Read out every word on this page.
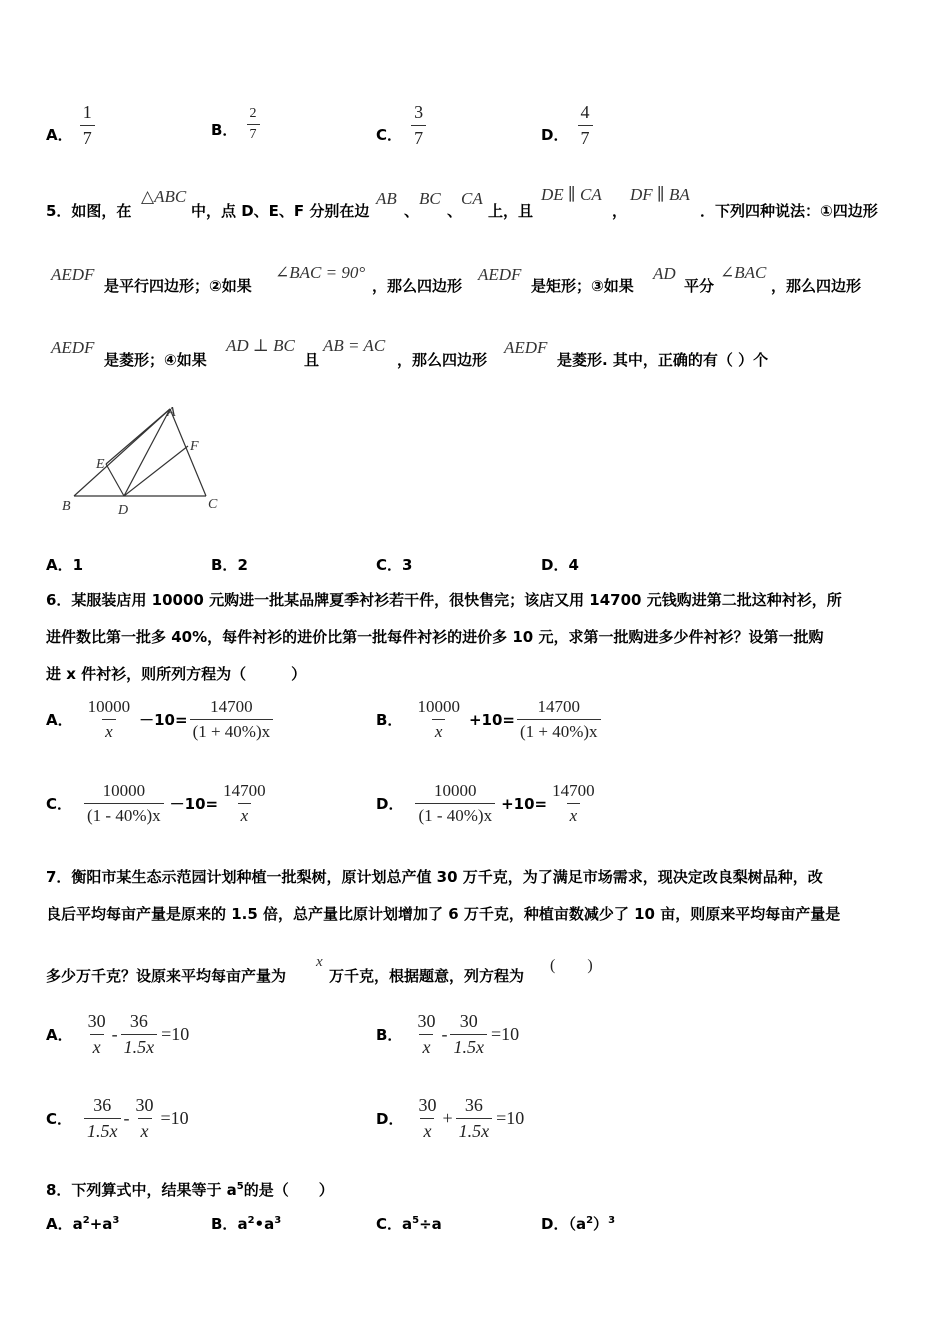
A． $\frac{1}{7}$	B． $\frac{2}{7}$	C． $\frac{3}{7}$	D． $\frac{4}{7}$
5．如图，在
△ABC
中，点 D、E、F 分别在边
AB
、
BC
、
CA
上，且
DE ∥ CA
，
DF ∥ BA
．下列四种说法：①四边形
AEDF
是平行四边形；②如果
∠BAC = 90°
，那么四边形
AEDF
是矩形；③如果
AD
平分
∠BAC
，那么四边形
AEDF
是菱形；④如果
AD ⊥ BC
且
AB = AC
，那么四边形
AEDF
是菱形. 其中，正确的有（ ）个
A
B	C
D
E
F
A．1	B．2	C．3	D．4
6．某服装店用 10000 元购进一批某品牌夏季衬衫若干件，很快售完；该店又用 14700 元钱购进第二批这种衬衫，所
进件数比第一批多 40%，每件衬衫的进价比第一批每件衬衫的进价多 10 元，求第一批购进多少件衬衫？设第一批购
进 x 件衬衫，则所列方程为（　　　）
A． $\frac{10000}{x} -10= \frac{14700}{(1 + 40\%)x}$	B． $\frac{10000}{x} +10= \frac{14700}{(1 + 40\%)x}$
C． $\frac{10000}{(1 - 40\%)x} -10= \frac{14700}{x}$	D． $\frac{10000}{(1 - 40\%)x} +10= \frac{14700}{x}$
7．衡阳市某生态示范园计划种植一批梨树，原计划总产值 30 万千克，为了满足市场需求，现决定改良梨树品种，改
良后平均每亩产量是原来的 1.5 倍，总产量比原计划增加了 6 万千克，种植亩数减少了 10 亩，则原来平均每亩产量是
多少万千克？设原来平均每亩产量为
x
万千克，根据题意，列方程为
(　　)
A． $\frac{30}{x} - \frac{36}{1.5x} =10$	B． $\frac{30}{x} - \frac{30}{1.5x} =10$
C． $\frac{36}{1.5x} - \frac{30}{x} =10$	D． $\frac{30}{x} + \frac{36}{1.5x} =10$
8．下列算式中，结果等于 $a^5$的是（　　）
A．$a^2+a^3$	B．$a^2•a^3$	C．$a^5\div a$	D．$(a^2)^3$
